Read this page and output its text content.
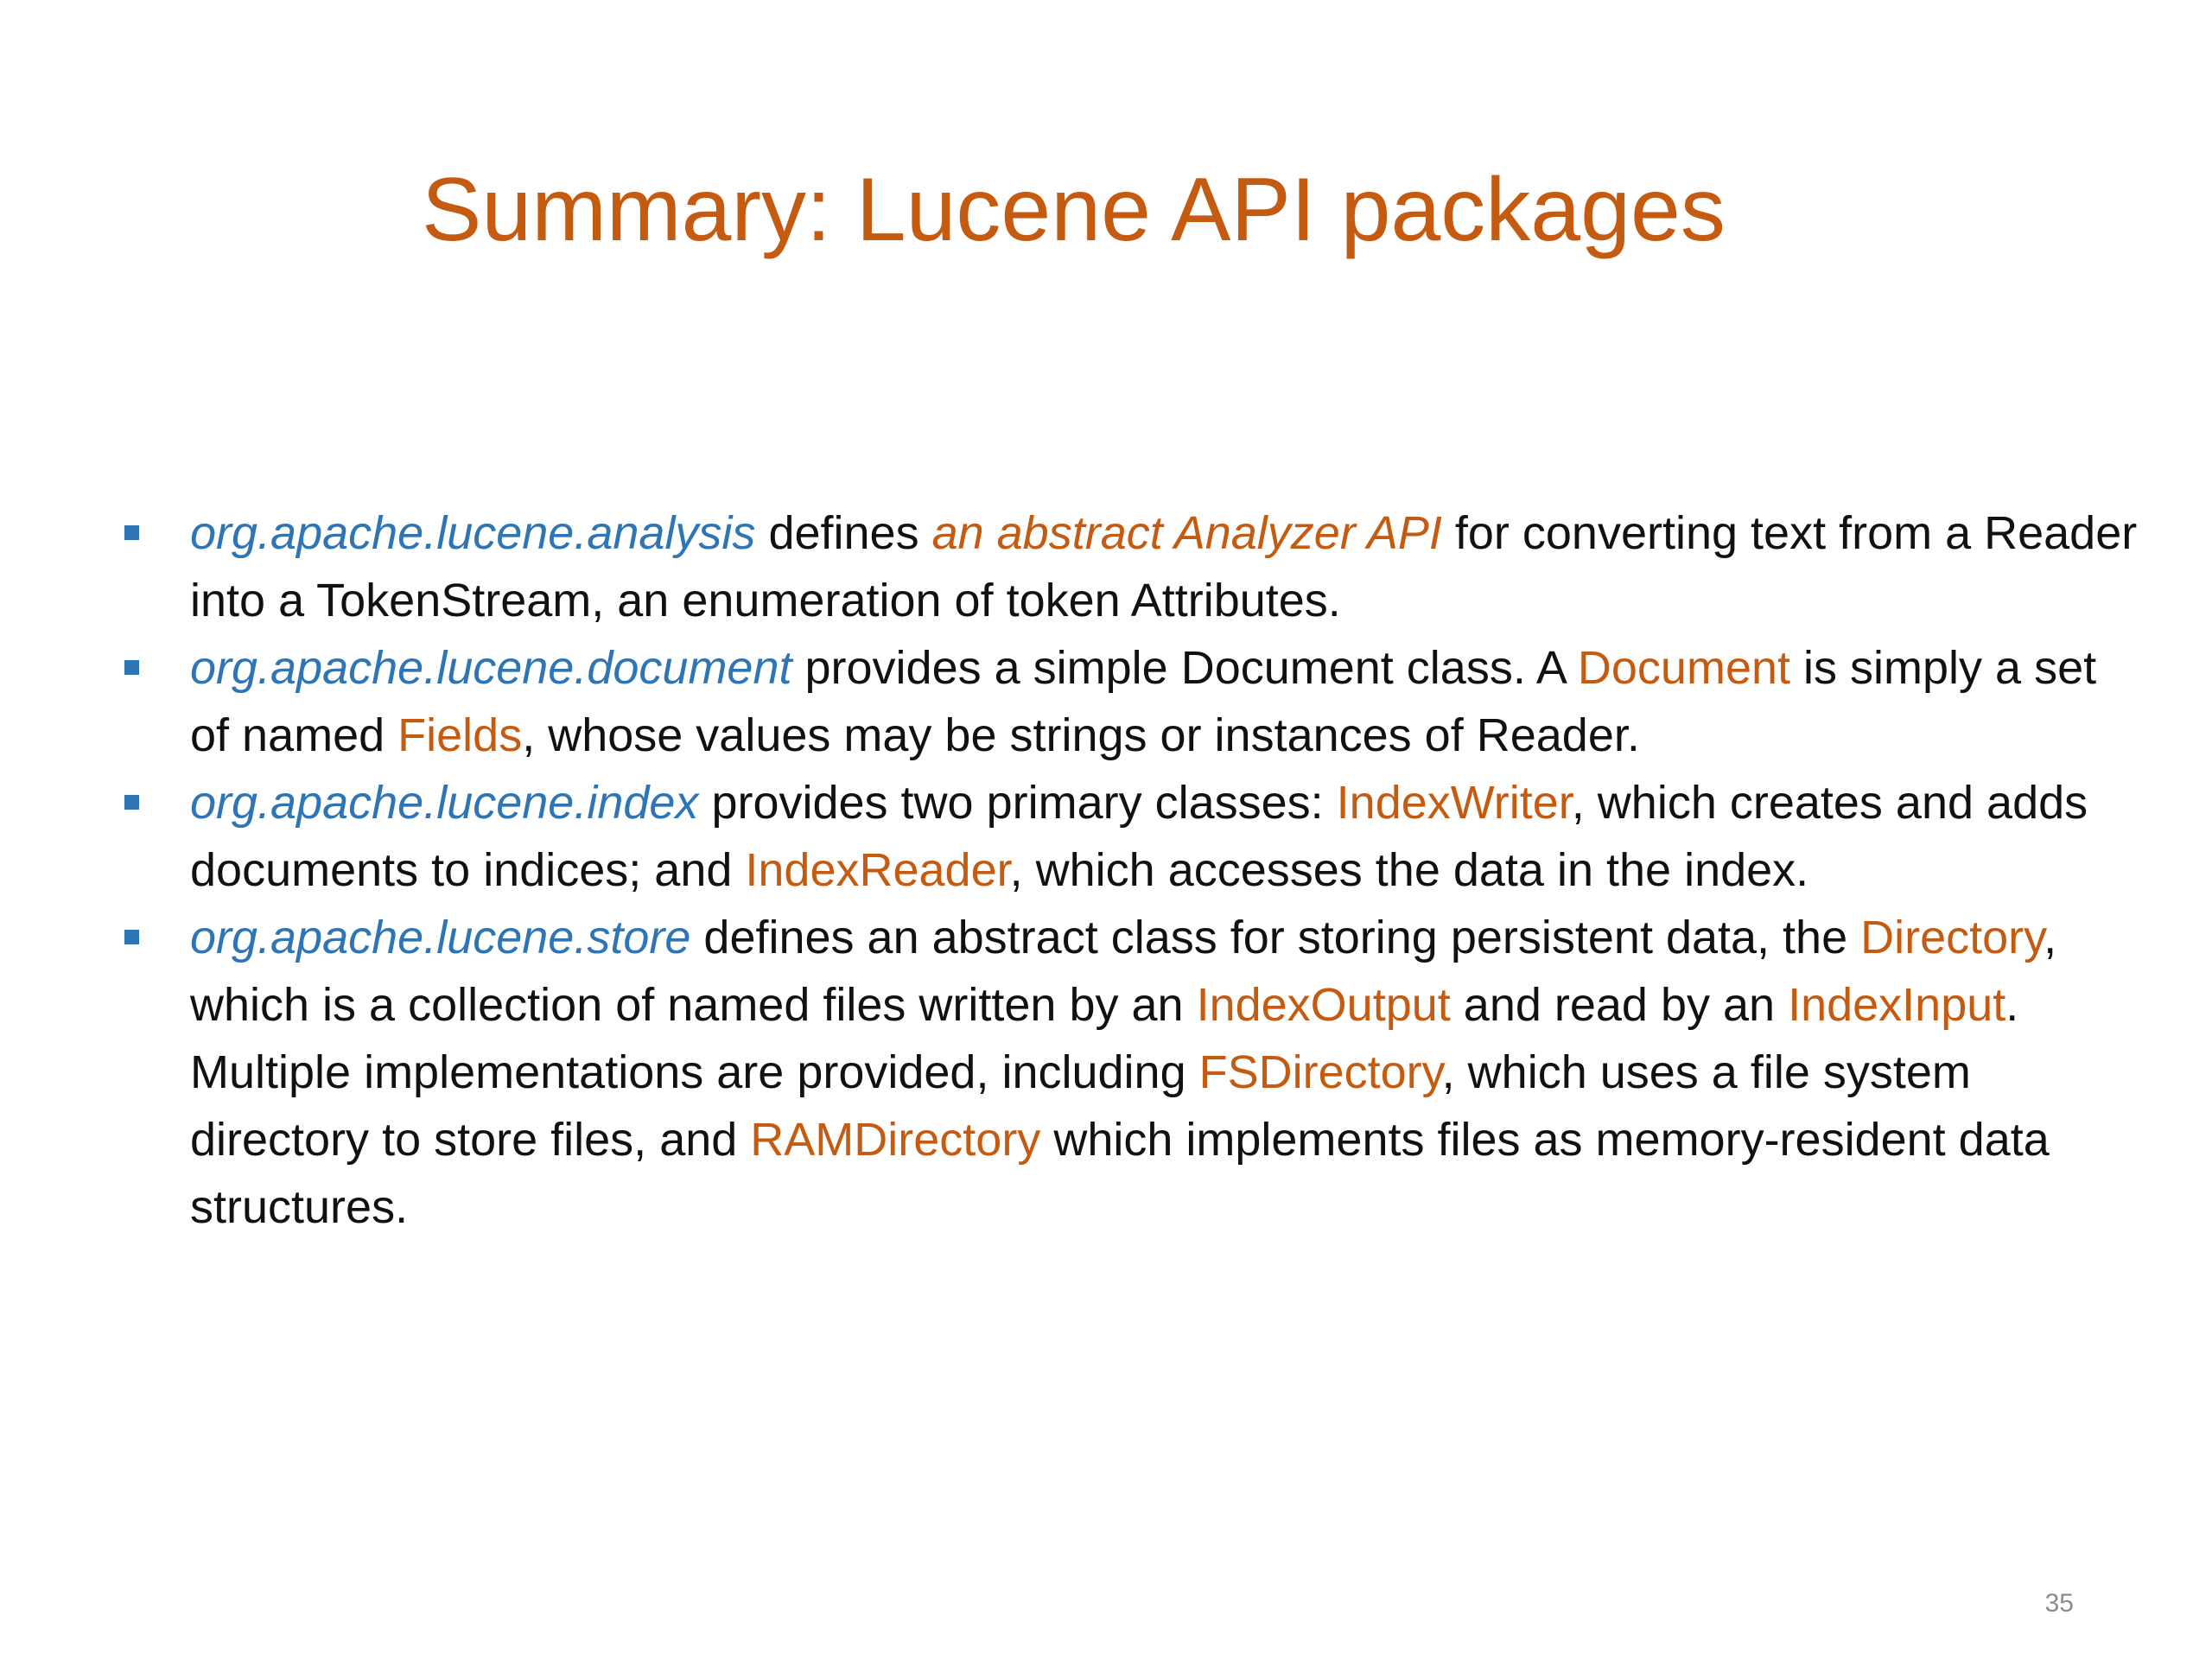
Summary: Lucene API packages
org.apache.lucene.analysis defines an abstract Analyzer API for converting text from a Reader into a TokenStream, an enumeration of token Attributes.
org.apache.lucene.document provides a simple Document class. A Document is simply a set of named Fields, whose values may be strings or instances of Reader.
org.apache.lucene.index provides two primary classes: IndexWriter, which creates and adds documents to indices; and IndexReader, which accesses the data in the index.
org.apache.lucene.store defines an abstract class for storing persistent data, the Directory, which is a collection of named files written by an IndexOutput and read by an IndexInput. Multiple implementations are provided, including FSDirectory, which uses a file system directory to store files, and RAMDirectory which implements files as memory-resident data structures.
35
